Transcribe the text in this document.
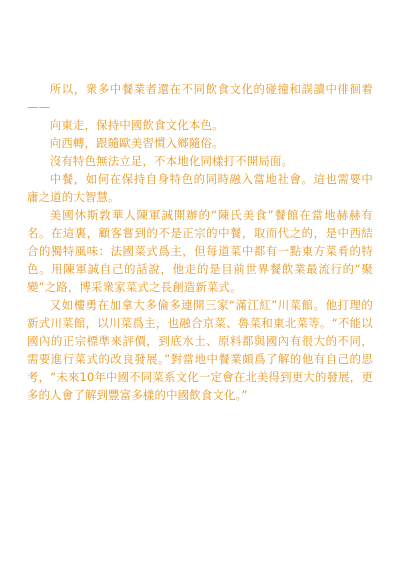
所以，衆多中餐業者還在不同飲食文化的碰撞和誤讀中徘徊着——

向東走，保持中國飲食文化本色。

向西轉，跟隨歐美習慣入鄉隨俗。

沒有特色無法立足，不本地化同樣打不開局面。

中餐，如何在保持自身特色的同時融入當地社會。這也需要中庸之道的大智慧。

美國休斯敦華人陳軍誠開辦的“陳氏美食”餐館在當地赫赫有名。在這裏，顧客嘗到的不是正宗的中餐，取而代之的，是中西結合的獨特風味：法國菜式爲主，但每道菜中都有一點東方菜肴的特色。用陳軍誠自己的話說，他走的是目前世界餐飲業最流行的“聚變”之路，博采衆家菜式之長創造新菜式。

又如樓勇在加拿大多倫多連開三家“滿江紅”川菜館。他打理的新式川菜館，以川菜爲主，也融合京菜、魯菜和東北菜等。“不能以國內的正宗標準來評價，到底水土、原料都與國內有很大的不同，需要進行菜式的改良發展。”對當地中餐業頗爲了解的他有自己的思考，“未來10年中國不同菜系文化一定會在北美得到更大的發展，更多的人會了解到豐富多樣的中國飲食文化。”
